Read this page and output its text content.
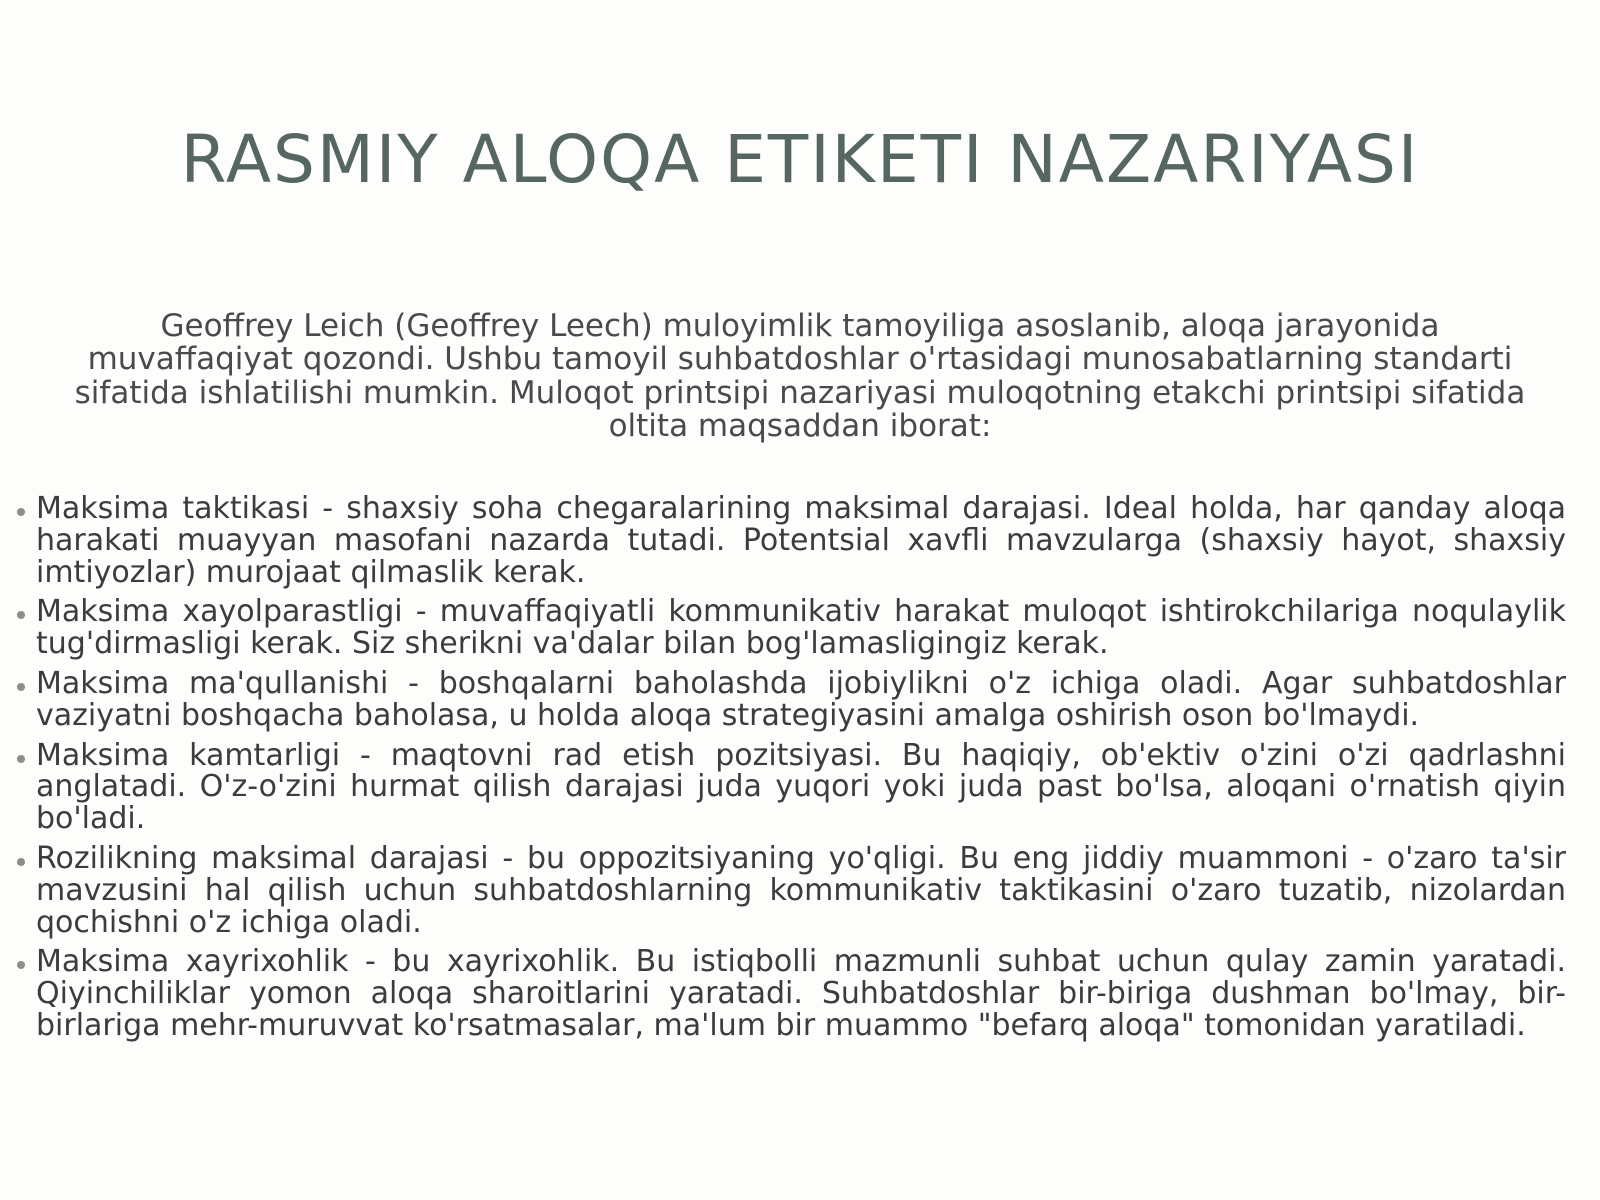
RASMIY ALOQA ETIKETI NAZARIYASI

Geoffrey Leich (Geoffrey Leech) muloyimlik tamoyiliga asoslanib, aloqa jarayonida muvaffaqiyat qozondi. Ushbu tamoyil suhbatdoshlar o'rtasidagi munosabatlarning standarti sifatida ishlatilishi mumkin. Muloqot printsipi nazariyasi muloqotning etakchi printsipi sifatida oltita maqsaddan iborat:

Maksima taktikasi - shaxsiy soha chegaralarining maksimal darajasi. Ideal holda, har qanday aloqa harakati muayyan masofani nazarda tutadi. Potentsial xavfli mavzularga (shaxsiy hayot, shaxsiy imtiyozlar) murojaat qilmaslik kerak.
Maksima xayolparastligi - muvaffaqiyatli kommunikativ harakat muloqot ishtirokchilariga noqulaylik tug'dirmasligi kerak. Siz sherikni va'dalar bilan bog'lamasligingiz kerak.
Maksima ma'qullanishi - boshqalarni baholashda ijobiylikni o'z ichiga oladi. Agar suhbatdoshlar vaziyatni boshqacha baholasa, u holda aloqa strategiyasini amalga oshirish oson bo'lmaydi.
Maksima kamtarligi - maqtovni rad etish pozitsiyasi. Bu haqiqiy, ob'ektiv o'zini o'zi qadrlashni anglatadi. O'z-o'zini hurmat qilish darajasi juda yuqori yoki juda past bo'lsa, aloqani o'rnatish qiyin bo'ladi.
Rozilikning maksimal darajasi - bu oppozitsiyaning yo'qligi. Bu eng jiddiy muammoni - o'zaro ta'sir mavzusini hal qilish uchun suhbatdoshlarning kommunikativ taktikasini o'zaro tuzatib, nizolardan qochishni o'z ichiga oladi.
Maksima xayrixohlik - bu xayrixohlik. Bu istiqbolli mazmunli suhbat uchun qulay zamin yaratadi. Qiyinchiliklar yomon aloqa sharoitlarini yaratadi. Suhbatdoshlar bir-biriga dushman bo'lmay, bir-birlariga mehr-muruvvat ko'rsatmasalar, ma'lum bir muammo "befarq aloqa" tomonidan yaratiladi.
